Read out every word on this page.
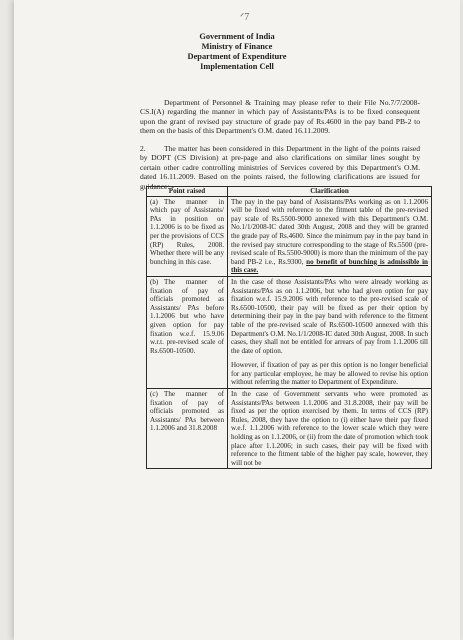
ᐟ7
Government of India
Ministry of Finance
Department of Expenditure
Implementation Cell

Department of Personnel & Training may please refer to their File No.7/7/2008-CS.I(A) regarding the manner in which pay of Assistants/PAs is to be fixed consequent upon the grant of revised pay structure of grade pay of Rs.4600 in the pay band PB-2 to them on the basis of this Department's O.M. dated 16.11.2009.

2. The matter has been considered in this Department in the light of the points raised by DOPT (CS Division) at pre-page and also clarifications on similar lines sought by certain other cadre controlling ministries of Services covered by this Department's O.M. dated 16.11.2009. Based on the points raised, the following clarifications are issued for guidance: -

Point raised	Clarification
(a) The manner in which pay of Assistants/ PAs in position on 1.1.2006 is to be fixed as per the provisions of CCS (RP) Rules, 2008. Whether there will be any bunching in this case.	The pay in the pay band of Assistants/PAs working as on 1.1.2006 will be fixed with reference to the fitment table of the pre-revised pay scale of Rs.5500-9000 annexed with this Department's O.M. No.1/1/2008-IC dated 30th August, 2008 and they will be granted the grade pay of Rs.4600. Since the minimum pay in the pay band in the revised pay structure corresponding to the stage of Rs.5500 (pre-revised scale of Rs.5500-9000) is more than the minimum of the pay band PB-2 i.e., Rs.9300, no benefit of bunching is admissible in this case.
(b) The manner of fixation of pay of officials promoted as Assistants/ PAs before 1.1.2006 but who have given option for pay fixation w.e.f. 15.9.06 w.r.t. pre-revised scale of Rs.6500-10500.	In the case of those Assistants/PAs who were already working as Assistants/PAs as on 1.1.2006, but who had given option for pay fixation w.e.f. 15.9.2006 with reference to the pre-revised scale of Rs.6500-10500, their pay will be fixed as per their option by determining their pay in the pay band with reference to the fitment table of the pre-revised scale of Rs.6500-10500 annexed with this Department's O.M. No.1/1/2008-IC dated 30th August, 2008. In such cases, they shall not be entitled for arrears of pay from 1.1.2006 till the date of option.
However, if fixation of pay as per this option is no longer beneficial for any particular employee, he may be allowed to revise his option without referring the matter to Department of Expenditure.

(c) The manner of fixation of pay of officials promoted as Assistants/ PAs between 1.1.2006 and 31.8.2008	In the case of Government servants who were promoted as Assistants/PAs between 1.1.2006 and 31.8.2008, their pay will be fixed as per the option exercised by them. In terms of CCS (RP) Rules, 2008, they have the option to (i) either have their pay fixed w.e.f. 1.1.2006 with reference to the lower scale which they were holding as on 1.1.2006, or (ii) from the date of promotion which took place after 1.1.2006; in such cases, their pay will be fixed with reference to the fitment table of the higher pay scale, however, they will not be
